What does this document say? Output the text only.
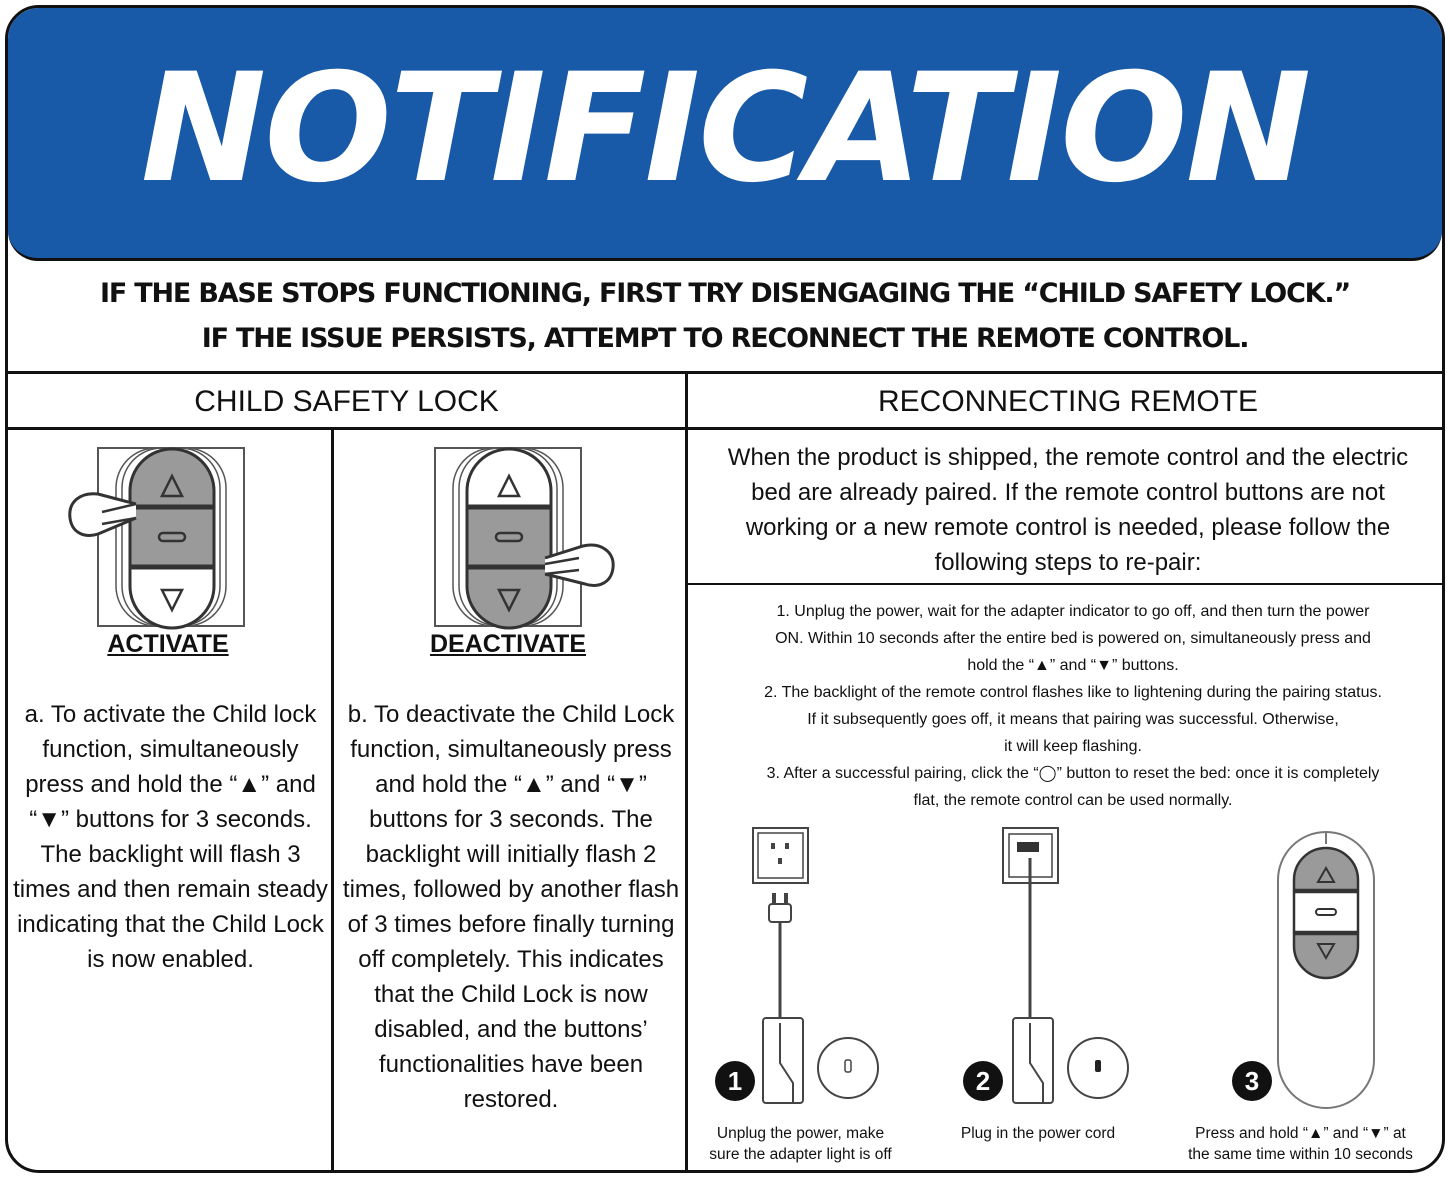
NOTIFICATION
IF THE BASE STOPS FUNCTIONING, FIRST TRY DISENGAGING THE “CHILD SAFETY LOCK.”
IF THE ISSUE PERSISTS, ATTEMPT TO RECONNECT THE REMOTE CONTROL.
CHILD SAFETY LOCK	RECONNECTING REMOTE
ACTIVATE
a. To activate the Child lock function, simultaneously press and hold the “▲” and “▼” buttons for 3 seconds. The backlight will flash 3 times and then remain steady indicating that the Child Lock is now enabled.
DEACTIVATE
b. To deactivate the Child Lock function, simultaneously press and hold the “▲” and “▼” buttons for 3 seconds. The backlight will initially flash 2 times, followed by another flash of 3 times before finally turning off completely. This indicates that the Child Lock is now disabled, and the buttons’ functionalities have been restored.
When the product is shipped, the remote control and the electric bed are already paired. If the remote control buttons are not working or a new remote control is needed, please follow the following steps to re-pair:

1. Unplug the power, wait for the adapter indicator to go off, and then turn the power

ON. Within 10 seconds after the entire bed is powered on, simultaneously press and

hold the “▲” and “▼” buttons.

2. The backlight of the remote control flashes like to lightening during the pairing status.

If it subsequently goes off, it means that pairing was successful. Otherwise,

it will keep flashing.

3. After a successful pairing, click the “◯” button to reset the bed: once it is completely

flat, the remote control can be used normally.

1
Unplug the power, make
sure the adapter light is off
2
Plug in the power cord
3
Press and hold “▲” and “▼” at
the same time within 10 seconds
